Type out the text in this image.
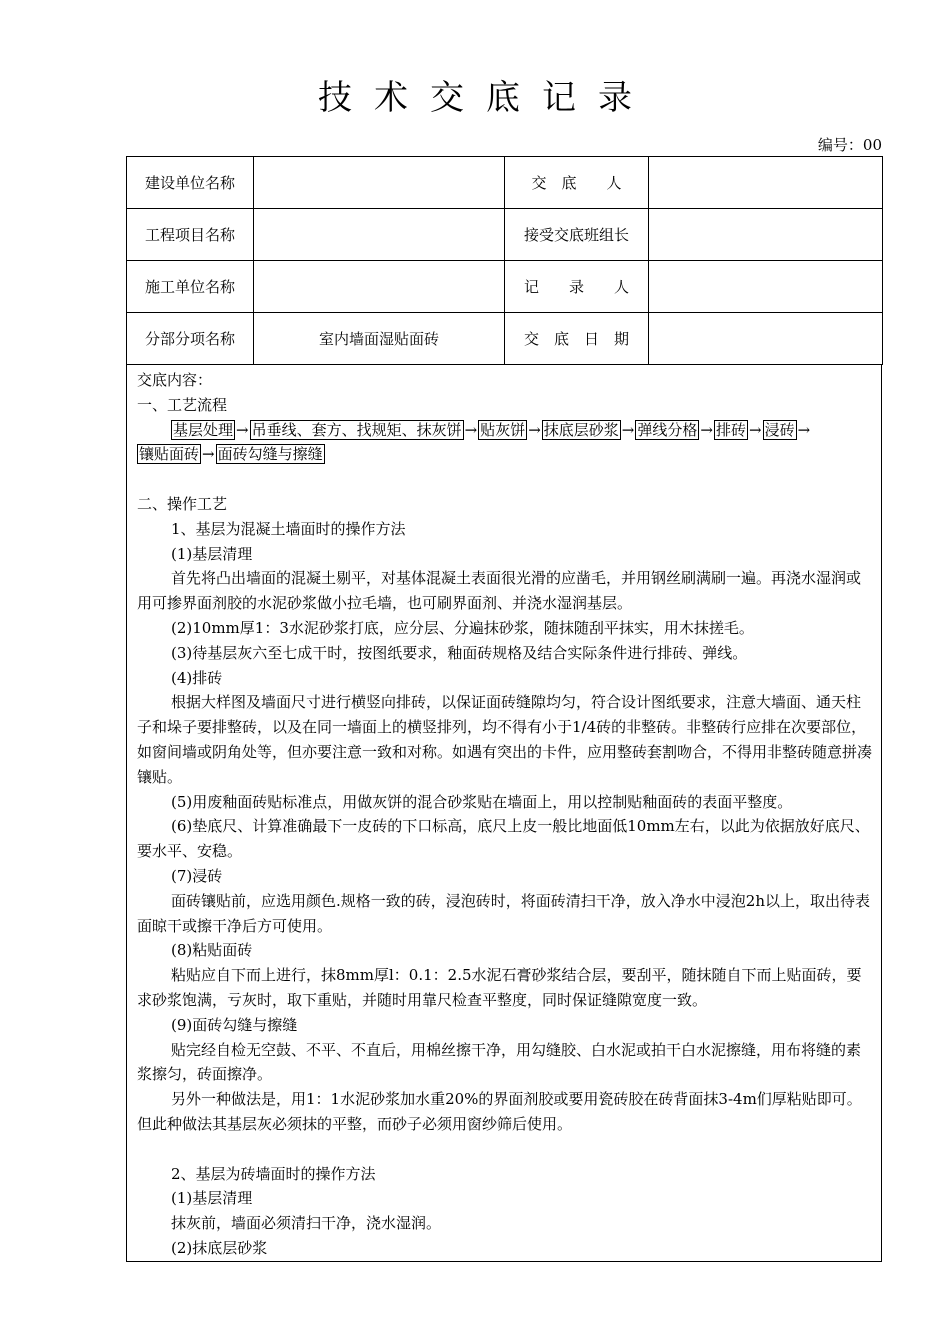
技术交底记录
编号：00
建设单位名称		交　底　　人	
工程项目名称		接受交底班组长	
施工单位名称		记　　录　　人	
分部分项名称	室内墙面湿贴面砖	交　底　日　期	

交底内容：

一、工艺流程

基层处理 → 吊垂线、套方、找规矩、抹灰饼 → 贴灰饼 → 抹底层砂浆 → 弹线分格 → 排砖 → 浸砖 →

镶贴面砖 → 面砖勾缝与擦缝

二、操作工艺

1、基层为混凝土墙面时的操作方法

(1)基层清理

首先将凸出墙面的混凝土剔平，对基体混凝土表面很光滑的应凿毛，并用钢丝刷满刷一遍。再浇水湿润或用可掺界面剂胶的水泥砂浆做小拉毛墙，也可刷界面剂、并浇水湿润基层。

(2)10mm厚1：3水泥砂浆打底，应分层、分遍抹砂浆，随抹随刮平抹实，用木抹搓毛。

(3)待基层灰六至七成干时，按图纸要求，釉面砖规格及结合实际条件进行排砖、弹线。

(4)排砖

根据大样图及墙面尺寸进行横竖向排砖，以保证面砖缝隙均匀，符合设计图纸要求，注意大墙面、通天柱子和垛子要排整砖，以及在同一墙面上的横竖排列，均不得有小于1/4砖的非整砖。非整砖行应排在次要部位，如窗间墙或阴角处等，但亦要注意一致和对称。如遇有突出的卡件，应用整砖套割吻合，不得用非整砖随意拼凑镶贴。

(5)用废釉面砖贴标准点，用做灰饼的混合砂浆贴在墙面上，用以控制贴釉面砖的表面平整度。

(6)垫底尺、计算准确最下一皮砖的下口标高，底尺上皮一般比地面低10mm左右，以此为依据放好底尺、要水平、安稳。

(7)浸砖

面砖镶贴前，应选用颜色.规格一致的砖，浸泡砖时，将面砖清扫干净，放入净水中浸泡2h以上，取出待表面晾干或擦干净后方可使用。

(8)粘贴面砖

粘贴应自下而上进行，抹8mm厚l：0.1：2.5水泥石膏砂浆结合层，要刮平，随抹随自下而上贴面砖，要求砂浆饱满，亏灰时，取下重贴，并随时用靠尺检查平整度，同时保证缝隙宽度一致。

(9)面砖勾缝与擦缝

贴完经自检无空鼓、不平、不直后，用棉丝擦干净，用勾缝胶、白水泥或拍干白水泥擦缝，用布将缝的素浆擦匀，砖面擦净。

另外一种做法是，用1：1水泥砂浆加水重20%的界面剂胶或要用瓷砖胶在砖背面抹3-4m们厚粘贴即可。但此种做法其基层灰必须抹的平整，而砂子必须用窗纱筛后使用。

2、基层为砖墙面时的操作方法

(1)基层清理

抹灰前，墙面必须清扫干净，浇水湿润。

(2)抹底层砂浆
